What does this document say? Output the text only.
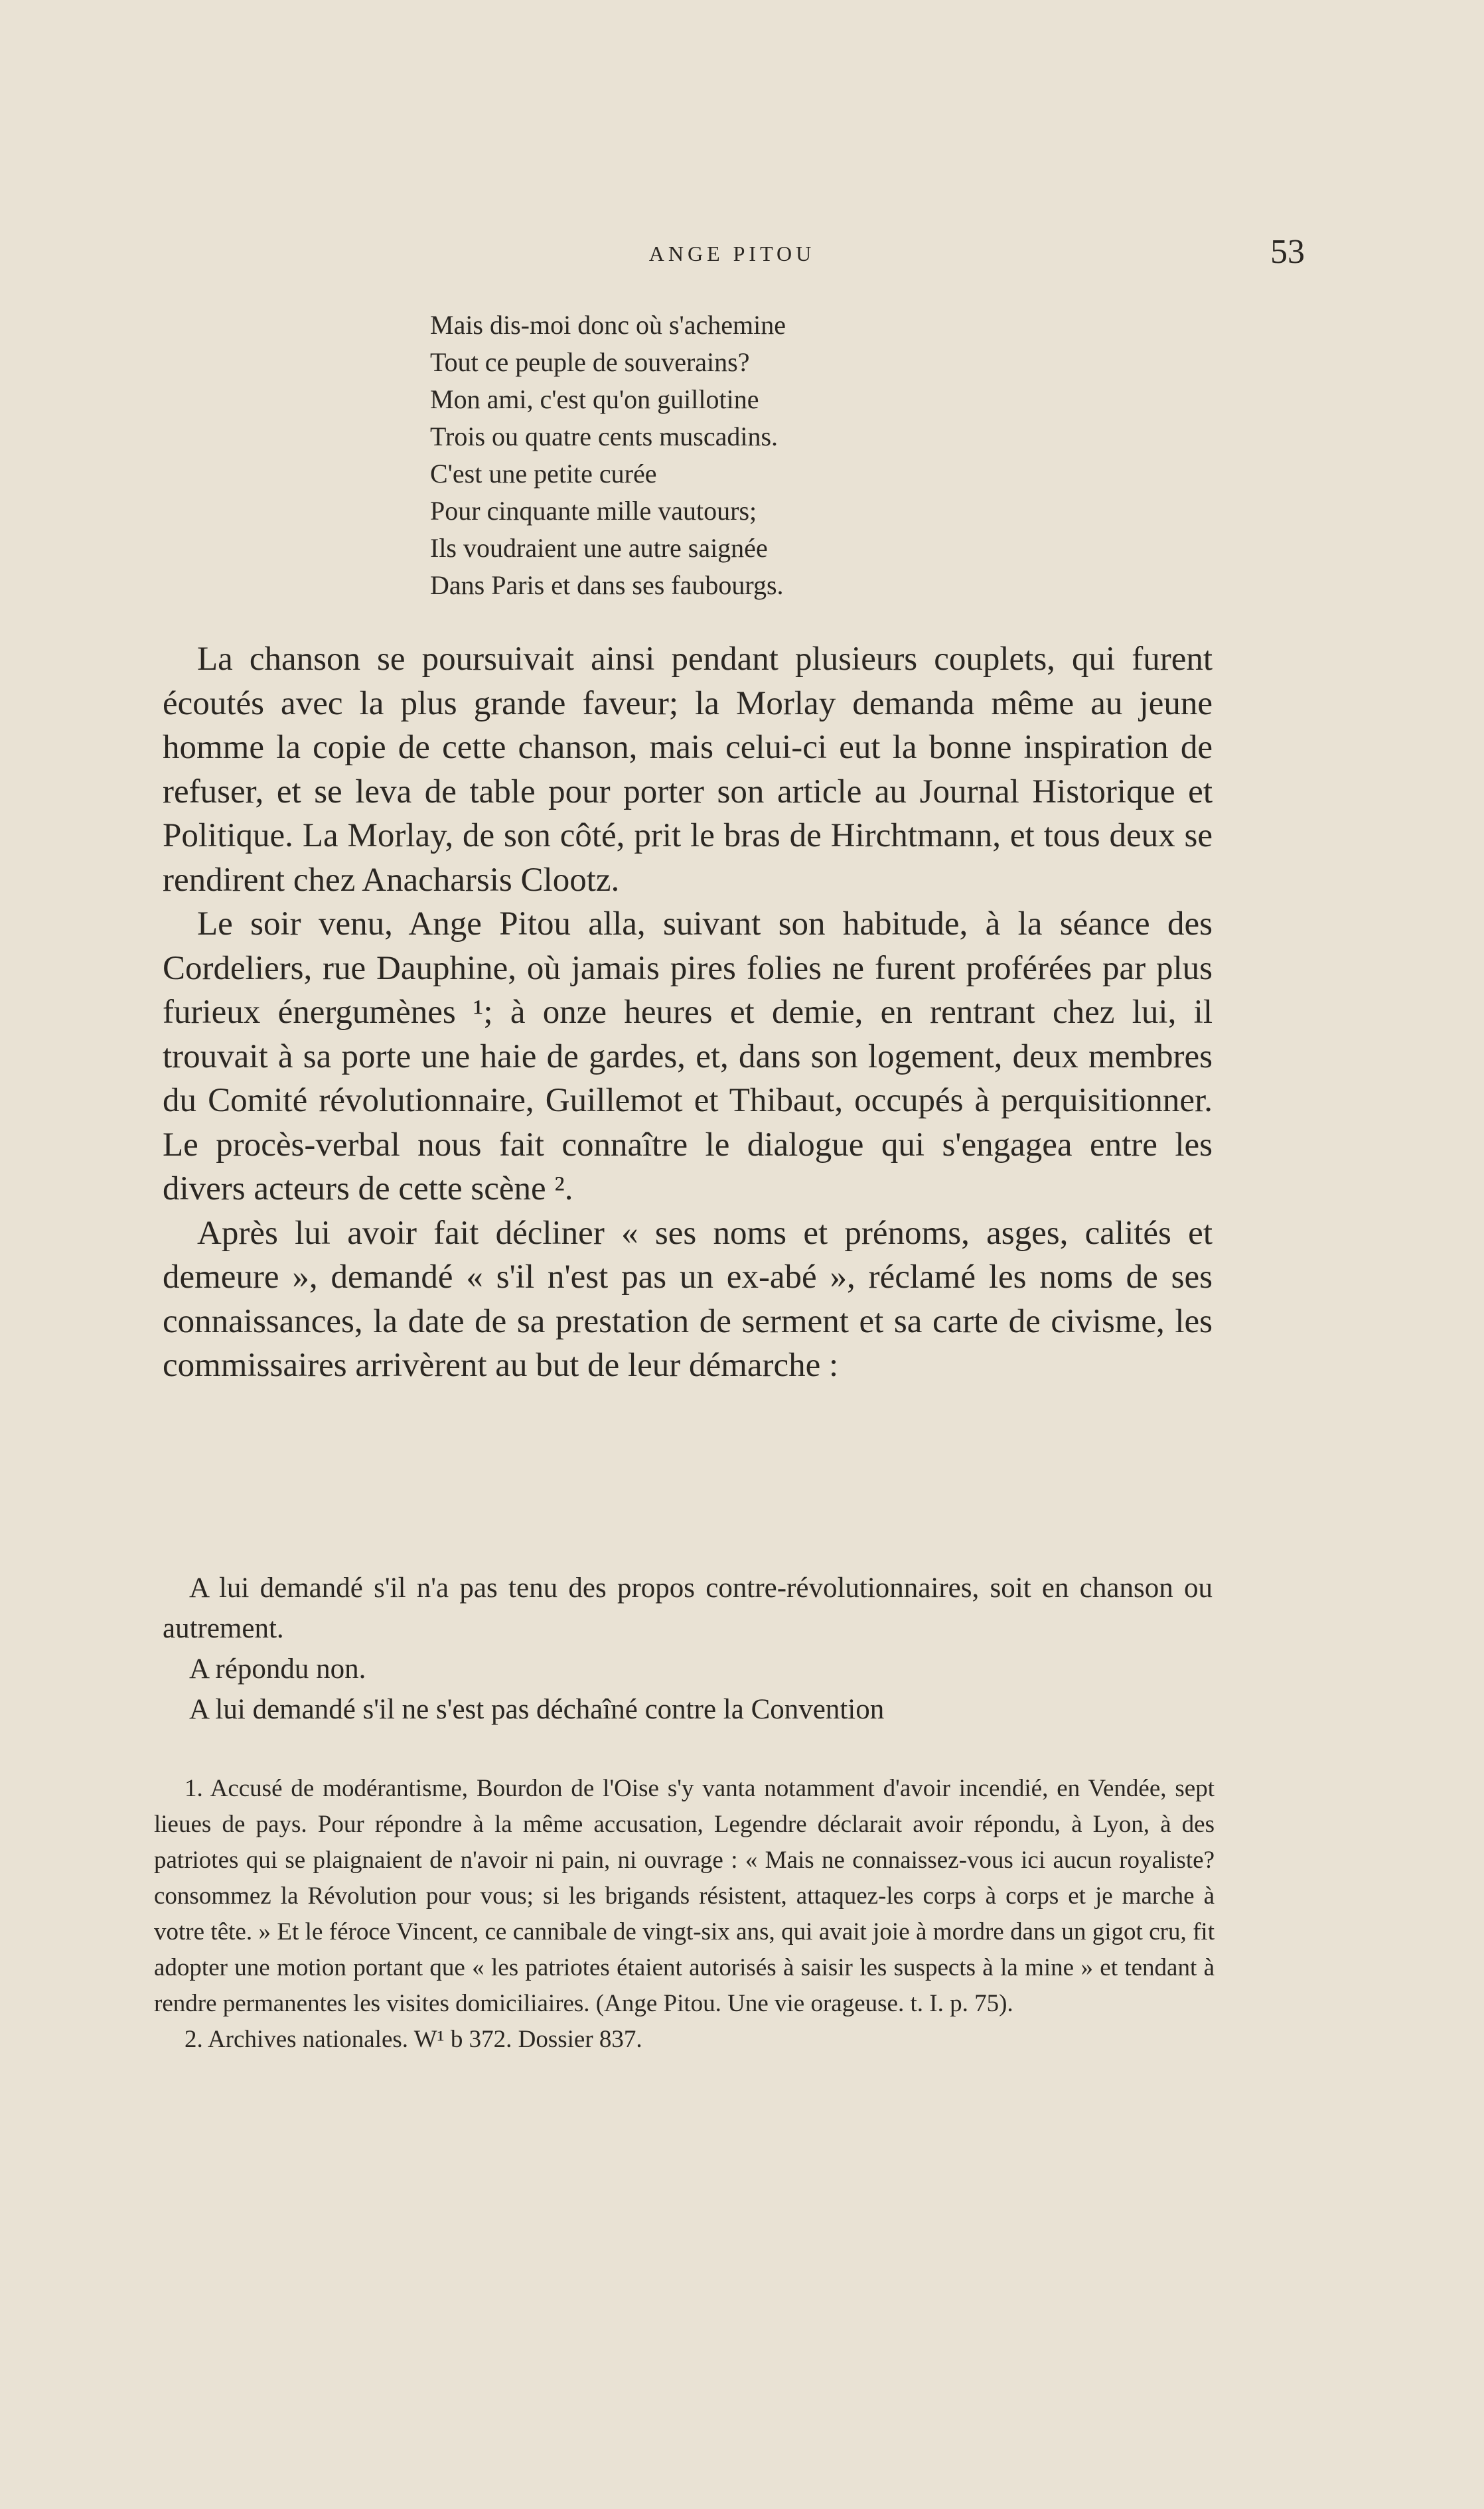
ANGE PITOU	53
Mais dis-moi donc où s'achemine
Tout ce peuple de souverains?
Mon ami, c'est qu'on guillotine
Trois ou quatre cents muscadins.
C'est une petite curée
Pour cinquante mille vautours;
Ils voudraient une autre saignée
Dans Paris et dans ses faubourgs.

La chanson se poursuivait ainsi pendant plusieurs couplets, qui furent écoutés avec la plus grande faveur; la Morlay demanda même au jeune homme la copie de cette chanson, mais celui-ci eut la bonne inspiration de refuser, et se leva de table pour porter son article au Journal Historique et Politique. La Morlay, de son côté, prit le bras de Hirchtmann, et tous deux se rendirent chez Anacharsis Clootz.

Le soir venu, Ange Pitou alla, suivant son habitude, à la séance des Cordeliers, rue Dauphine, où jamais pires folies ne furent proférées par plus furieux énergumènes ¹; à onze heures et demie, en rentrant chez lui, il trouvait à sa porte une haie de gardes, et, dans son logement, deux membres du Comité révolutionnaire, Guillemot et Thibaut, occupés à perquisitionner. Le procès-verbal nous fait connaître le dialogue qui s'engagea entre les divers acteurs de cette scène ².

Après lui avoir fait décliner « ses noms et prénoms, asges, calités et demeure », demandé « s'il n'est pas un ex-abé », réclamé les noms de ses connaissances, la date de sa prestation de serment et sa carte de civisme, les commissaires arrivèrent au but de leur démarche :

A lui demandé s'il n'a pas tenu des propos contre-révolutionnaires, soit en chanson ou autrement.

A répondu non.

A lui demandé s'il ne s'est pas déchaîné contre la Convention

1. Accusé de modérantisme, Bourdon de l'Oise s'y vanta notamment d'avoir incendié, en Vendée, sept lieues de pays. Pour répondre à la même accusation, Legendre déclarait avoir répondu, à Lyon, à des patriotes qui se plaignaient de n'avoir ni pain, ni ouvrage : « Mais ne connaissez-vous ici aucun royaliste? consommez la Révolution pour vous; si les brigands résistent, attaquez-les corps à corps et je marche à votre tête. » Et le féroce Vincent, ce cannibale de vingt-six ans, qui avait joie à mordre dans un gigot cru, fit adopter une motion portant que « les patriotes étaient autorisés à saisir les suspects à la mine » et tendant à rendre permanentes les visites domiciliaires. (Ange Pitou. Une vie orageuse. t. I. p. 75).

2. Archives nationales. W¹ b 372. Dossier 837.
